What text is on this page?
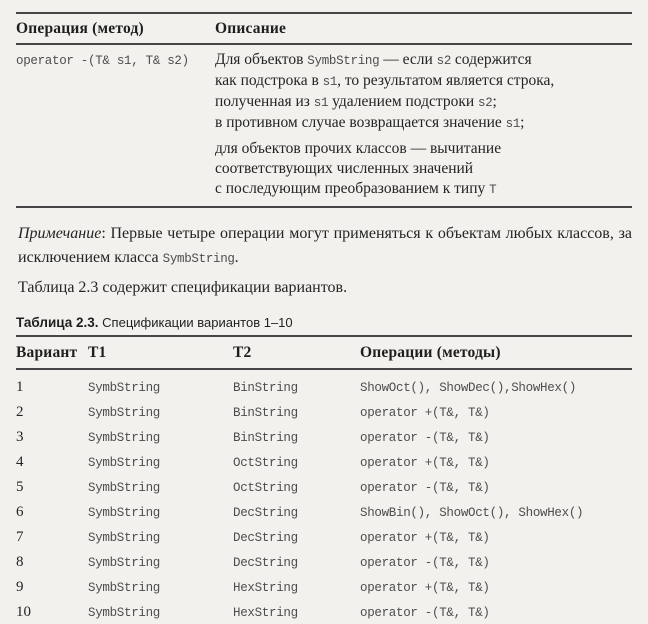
Операция (метод)	Описание
operator -(T& s1, T& s2)	Для объектов SymbString — если s2 содержится
как подстрока в s1, то результатом является строка,
полученная из s1 удалением подстроки s2;
в противном случае возвращается значение s1;
для объектов прочих классов — вычитание
соответствующих численных значений
с последующим преобразованием к типу T

Примечание: Первые четыре операции могут применяться к объектам любых классов, за исключением класса SymbString.

Таблица 2.3 содержит спецификации вариантов.

Таблица 2.3. Спецификации вариантов 1–10
Вариант T1	T2	Операции (методы)
1	SymbString	BinString	ShowOct(), ShowDec(),ShowHex()
2	SymbString	BinString	operator +(T&, T&)
3	SymbString	BinString	operator -(T&, T&)
4	SymbString	OctString	operator +(T&, T&)
5	SymbString	OctString	operator -(T&, T&)
6	SymbString	DecString	ShowBin(), ShowOct(), ShowHex()
7	SymbString	DecString	operator +(T&, T&)
8	SymbString	DecString	operator -(T&, T&)
9	SymbString	HexString	operator +(T&, T&)
10	SymbString	HexString	operator -(T&, T&)
